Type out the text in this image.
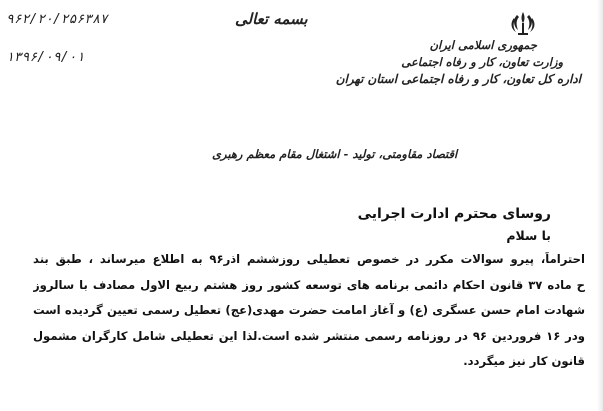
۹۶۲/۲۰/۲۵۶۳۸۷
۱۳۹۶/۰۹/۰۱
بسمه تعالی
جمهوری اسلامی ایران
وزارت تعاون، کار و رفاه اجتماعی
اداره کل تعاون، کار و رفاه اجتماعی استان تهران
اقتصاد مقاومتی، تولید - اشتغال مقام معظم رهبری
روسای محترم ادارت اجرایی
با سلام
احتراماً، پیرو سوالات مکرر در خصوص تعطیلی روزششم اذر۹۶ به اطلاع میرساند ، طبق بند
ح ماده ۳۷ قانون احکام دائمی برنامه های توسعه کشور روز هشتم ربیع الاول مصادف با سالروز
شهادت امام حسن عسگری (ع) و آغاز امامت حضرت مهدی(عج) تعطیل رسمی تعیین گردیده است
ودر ۱۶ فروردین ۹۶ در روزنامه رسمی منتشر شده است.لذا این تعطیلی شامل کارگران مشمول
قانون کار نیز میگردد.
